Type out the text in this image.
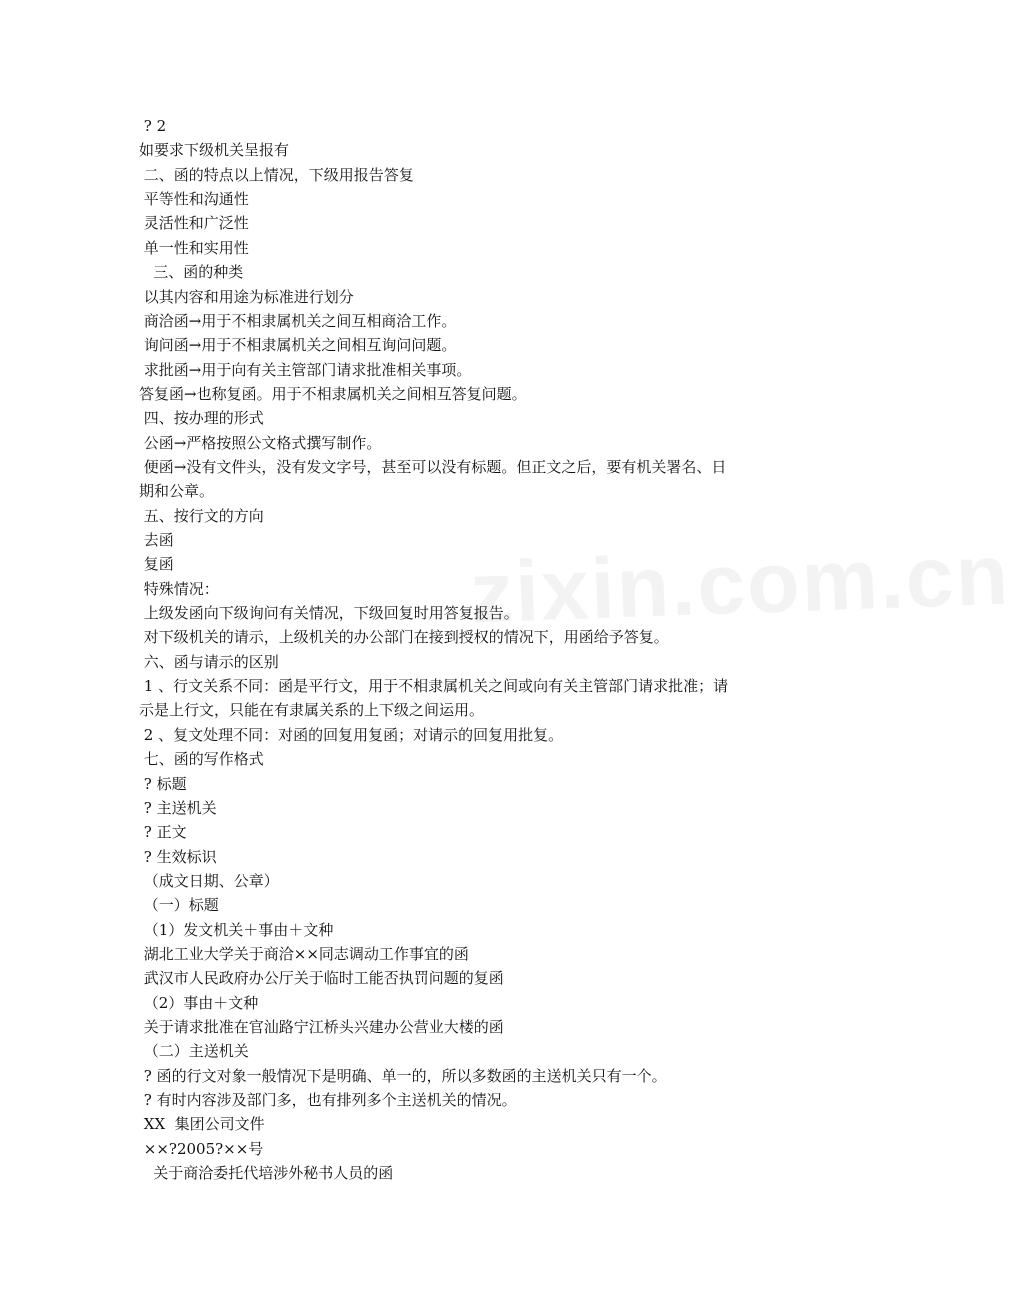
zixin.com.cn
? 2
如要求下级机关呈报有
二、函的特点以上情况，下级用报告答复
平等性和沟通性
灵活性和广泛性
单一性和实用性
三、函的种类
以其内容和用途为标准进行划分
商洽函→用于不相隶属机关之间互相商洽工作。
询问函→用于不相隶属机关之间相互询问问题。
求批函→用于向有关主管部门请求批准相关事项。
答复函→也称复函。用于不相隶属机关之间相互答复问题。
四、按办理的形式
公函→严格按照公文格式撰写制作。
便函→没有文件头，没有发文字号，甚至可以没有标题。但正文之后，要有机关署名、日
期和公章。
五、按行文的方向
去函
复函
特殊情况：
上级发函向下级询问有关情况，下级回复时用答复报告。
对下级机关的请示，上级机关的办公部门在接到授权的情况下，用函给予答复。
六、函与请示的区别
1 、行文关系不同：函是平行文，用于不相隶属机关之间或向有关主管部门请求批准；请
示是上行文，只能在有隶属关系的上下级之间运用。
2 、复文处理不同：对函的回复用复函；对请示的回复用批复。
七、函的写作格式
? 标题
? 主送机关
? 正文
? 生效标识
（成文日期、公章）
（一）标题
（1）发文机关＋事由＋文种
湖北工业大学关于商洽××同志调动工作事宜的函
武汉市人民政府办公厅关于临时工能否执罚问题的复函
（2）事由＋文种
关于请求批准在官汕路宁江桥头兴建办公营业大楼的函
（二）主送机关
? 函的行文对象一般情况下是明确、单一的，所以多数函的主送机关只有一个。
? 有时内容涉及部门多，也有排列多个主送机关的情况。
XX  集团公司文件
××?2005?××号
关于商洽委托代培涉外秘书人员的函
